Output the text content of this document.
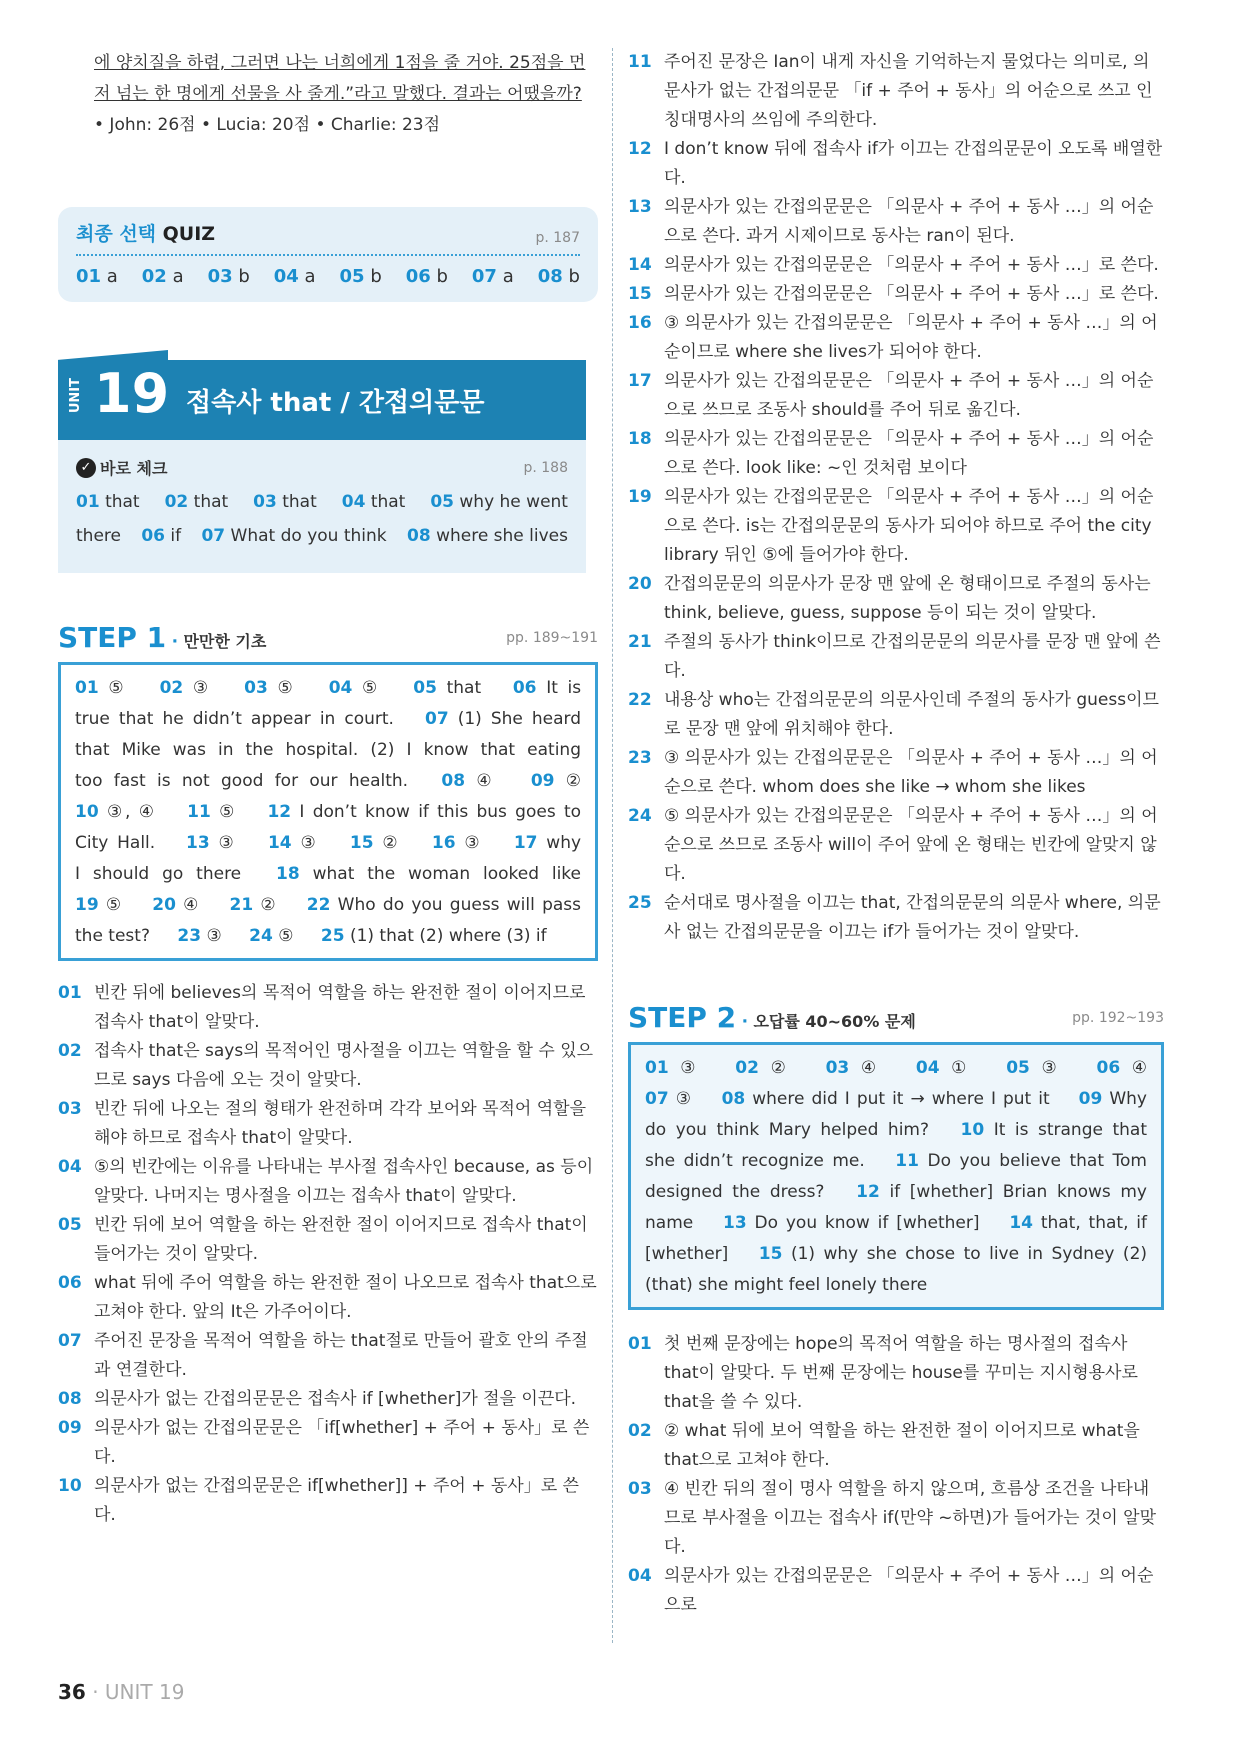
에 양치질을 하렴, 그러면 나는 너희에게 1점을 줄 거야. 25점을 먼

저 넘는 한 명에게 선물을 사 줄게.”라고 말했다. 결과는 어땠을까?

• John: 26점 • Lucia: 20점 • Charlie: 23점

최종 선택 QUIZ	p. 187
01 a 02 a 03 b 04 a 05 b 06 b 07 a 08 b
UNIT 19 접속사 that / 간접의문문
✓ 바로 체크	p. 188
01 that 02 that 03 that 04 that 05 why he went
there 06 if 07 What do you think 08 where she lives
STEP 1 · 만만한 기초	pp. 189~191
01 ⑤ 02 ③ 03 ⑤ 04 ⑤ 05 that 06 It is
true that he didn’t appear in court. 07 (1) She heard
that Mike was in the hospital. (2) I know that eating
too fast is not good for our health. 08 ④ 09 ②
10 ③, ④ 11 ⑤ 12 I don’t know if this bus goes to
City Hall. 13 ③ 14 ③ 15 ② 16 ③ 17 why
I should go there 18 what the woman looked like
19 ⑤ 20 ④ 21 ② 22 Who do you guess will pass
the test? 23 ③ 24 ⑤ 25 (1) that (2) where (3) if
01 빈칸 뒤에 believes의 목적어 역할을 하는 완전한 절이 이어지므로 접속사 that이 알맞다.
02 접속사 that은 says의 목적어인 명사절을 이끄는 역할을 할 수 있으므로 says 다음에 오는 것이 알맞다.
03 빈칸 뒤에 나오는 절의 형태가 완전하며 각각 보어와 목적어 역할을 해야 하므로 접속사 that이 알맞다.
04 ⑤의 빈칸에는 이유를 나타내는 부사절 접속사인 because, as 등이 알맞다. 나머지는 명사절을 이끄는 접속사 that이 알맞다.
05 빈칸 뒤에 보어 역할을 하는 완전한 절이 이어지므로 접속사 that이 들어가는 것이 알맞다.
06 what 뒤에 주어 역할을 하는 완전한 절이 나오므로 접속사 that으로 고쳐야 한다. 앞의 It은 가주어이다.
07 주어진 문장을 목적어 역할을 하는 that절로 만들어 괄호 안의 주절과 연결한다.
08 의문사가 없는 간접의문문은 접속사 if [whether]가 절을 이끈다.
09 의문사가 없는 간접의문문은 「if[whether] + 주어 + 동사」로 쓴다.
10 의문사가 없는 간접의문문은 if[whether]] + 주어 + 동사」로 쓴다.
11 주어진 문장은 Ian이 내게 자신을 기억하는지 물었다는 의미로, 의문사가 없는 간접의문문 「if + 주어 + 동사」의 어순으로 쓰고 인칭대명사의 쓰임에 주의한다.
12 I don’t know 뒤에 접속사 if가 이끄는 간접의문문이 오도록 배열한다.
13 의문사가 있는 간접의문문은 「의문사 + 주어 + 동사 …」의 어순으로 쓴다. 과거 시제이므로 동사는 ran이 된다.
14 의문사가 있는 간접의문문은 「의문사 + 주어 + 동사 …」로 쓴다.
15 의문사가 있는 간접의문문은 「의문사 + 주어 + 동사 …」로 쓴다.
16 ③ 의문사가 있는 간접의문문은 「의문사 + 주어 + 동사 …」의 어순이므로 where she lives가 되어야 한다.
17 의문사가 있는 간접의문문은 「의문사 + 주어 + 동사 …」의 어순으로 쓰므로 조동사 should를 주어 뒤로 옮긴다.
18 의문사가 있는 간접의문문은 「의문사 + 주어 + 동사 …」의 어순으로 쓴다. look like: ~인 것처럼 보이다
19 의문사가 있는 간접의문문은 「의문사 + 주어 + 동사 …」의 어순으로 쓴다. is는 간접의문문의 동사가 되어야 하므로 주어 the city library 뒤인 ⑤에 들어가야 한다.
20 간접의문문의 의문사가 문장 맨 앞에 온 형태이므로 주절의 동사는 think, believe, guess, suppose 등이 되는 것이 알맞다.
21 주절의 동사가 think이므로 간접의문문의 의문사를 문장 맨 앞에 쓴다.
22 내용상 who는 간접의문문의 의문사인데 주절의 동사가 guess이므로 문장 맨 앞에 위치해야 한다.
23 ③ 의문사가 있는 간접의문문은 「의문사 + 주어 + 동사 …」의 어순으로 쓴다. whom does she like → whom she likes
24 ⑤ 의문사가 있는 간접의문문은 「의문사 + 주어 + 동사 …」의 어순으로 쓰므로 조동사 will이 주어 앞에 온 형태는 빈칸에 알맞지 않다.
25 순서대로 명사절을 이끄는 that, 간접의문문의 의문사 where, 의문사 없는 간접의문문을 이끄는 if가 들어가는 것이 알맞다.
STEP 2 · 오답률 40~60% 문제	pp. 192~193
01 ③ 02 ② 03 ④ 04 ① 05 ③ 06 ④
07 ③ 08 where did I put it → where I put it 09 Why
do you think Mary helped him? 10 It is strange that
she didn’t recognize me. 11 Do you believe that Tom
designed the dress? 12 if [whether] Brian knows my
name 13 Do you know if [whether] 14 that, that, if
[whether] 15 (1) why she chose to live in Sydney (2)
(that) she might feel lonely there
01 첫 번째 문장에는 hope의 목적어 역할을 하는 명사절의 접속사 that이 알맞다. 두 번째 문장에는 house를 꾸미는 지시형용사로 that을 쓸 수 있다.
02 ② what 뒤에 보어 역할을 하는 완전한 절이 이어지므로 what을 that으로 고쳐야 한다.
03 ④ 빈칸 뒤의 절이 명사 역할을 하지 않으며, 흐름상 조건을 나타내므로 부사절을 이끄는 접속사 if(만약 ~하면)가 들어가는 것이 알맞다.
04 의문사가 있는 간접의문문은 「의문사 + 주어 + 동사 …」의 어순으로
36 · UNIT 19
